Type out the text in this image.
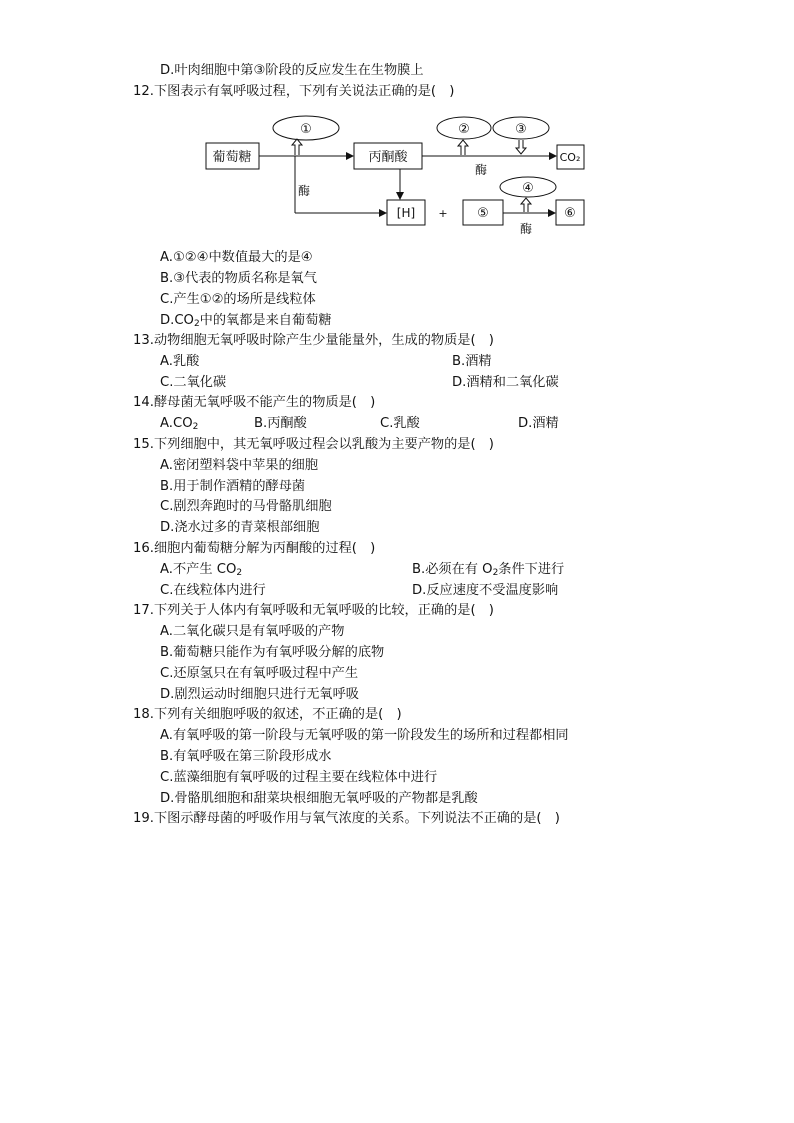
D.叶肉细胞中第③阶段的反应发生在生物膜上
12.下图表示有氧呼吸过程，下列有关说法正确的是(　)
葡萄糖	丙酮酸	CO₂
[H] +
①	②	③
④
⑤	⑥
酶
酶
酶
A.①②④中数值最大的是④
B.③代表的物质名称是氧气
C.产生①②的场所是线粒体
$D.CO_2$中的氧都是来自葡萄糖
13.动物细胞无氧呼吸时除产生少量能量外，生成的物质是(　)
A.乳酸	B.酒精
C.二氧化碳	D.酒精和二氧化碳
14.酵母菌无氧呼吸不能产生的物质是(　)
$A.CO_2$	B.丙酮酸	C.乳酸	D.酒精
15.下列细胞中，其无氧呼吸过程会以乳酸为主要产物的是(　)
A.密闭塑料袋中苹果的细胞
B.用于制作酒精的酵母菌
C.剧烈奔跑时的马骨骼肌细胞
D.浇水过多的青菜根部细胞
16.细胞内葡萄糖分解为丙酮酸的过程(　)
A.不产生 $CO_2$	B.必须在有 $O_2$条件下进行
C.在线粒体内进行	D.反应速度不受温度影响
17.下列关于人体内有氧呼吸和无氧呼吸的比较，正确的是(　)
A.二氧化碳只是有氧呼吸的产物
B.葡萄糖只能作为有氧呼吸分解的底物
C.还原氢只在有氧呼吸过程中产生
D.剧烈运动时细胞只进行无氧呼吸
18.下列有关细胞呼吸的叙述，不正确的是(　)
A.有氧呼吸的第一阶段与无氧呼吸的第一阶段发生的场所和过程都相同
B.有氧呼吸在第三阶段形成水
C.蓝藻细胞有氧呼吸的过程主要在线粒体中进行
D.骨骼肌细胞和甜菜块根细胞无氧呼吸的产物都是乳酸
19.下图示酵母菌的呼吸作用与氧气浓度的关系。下列说法不正确的是(　)
